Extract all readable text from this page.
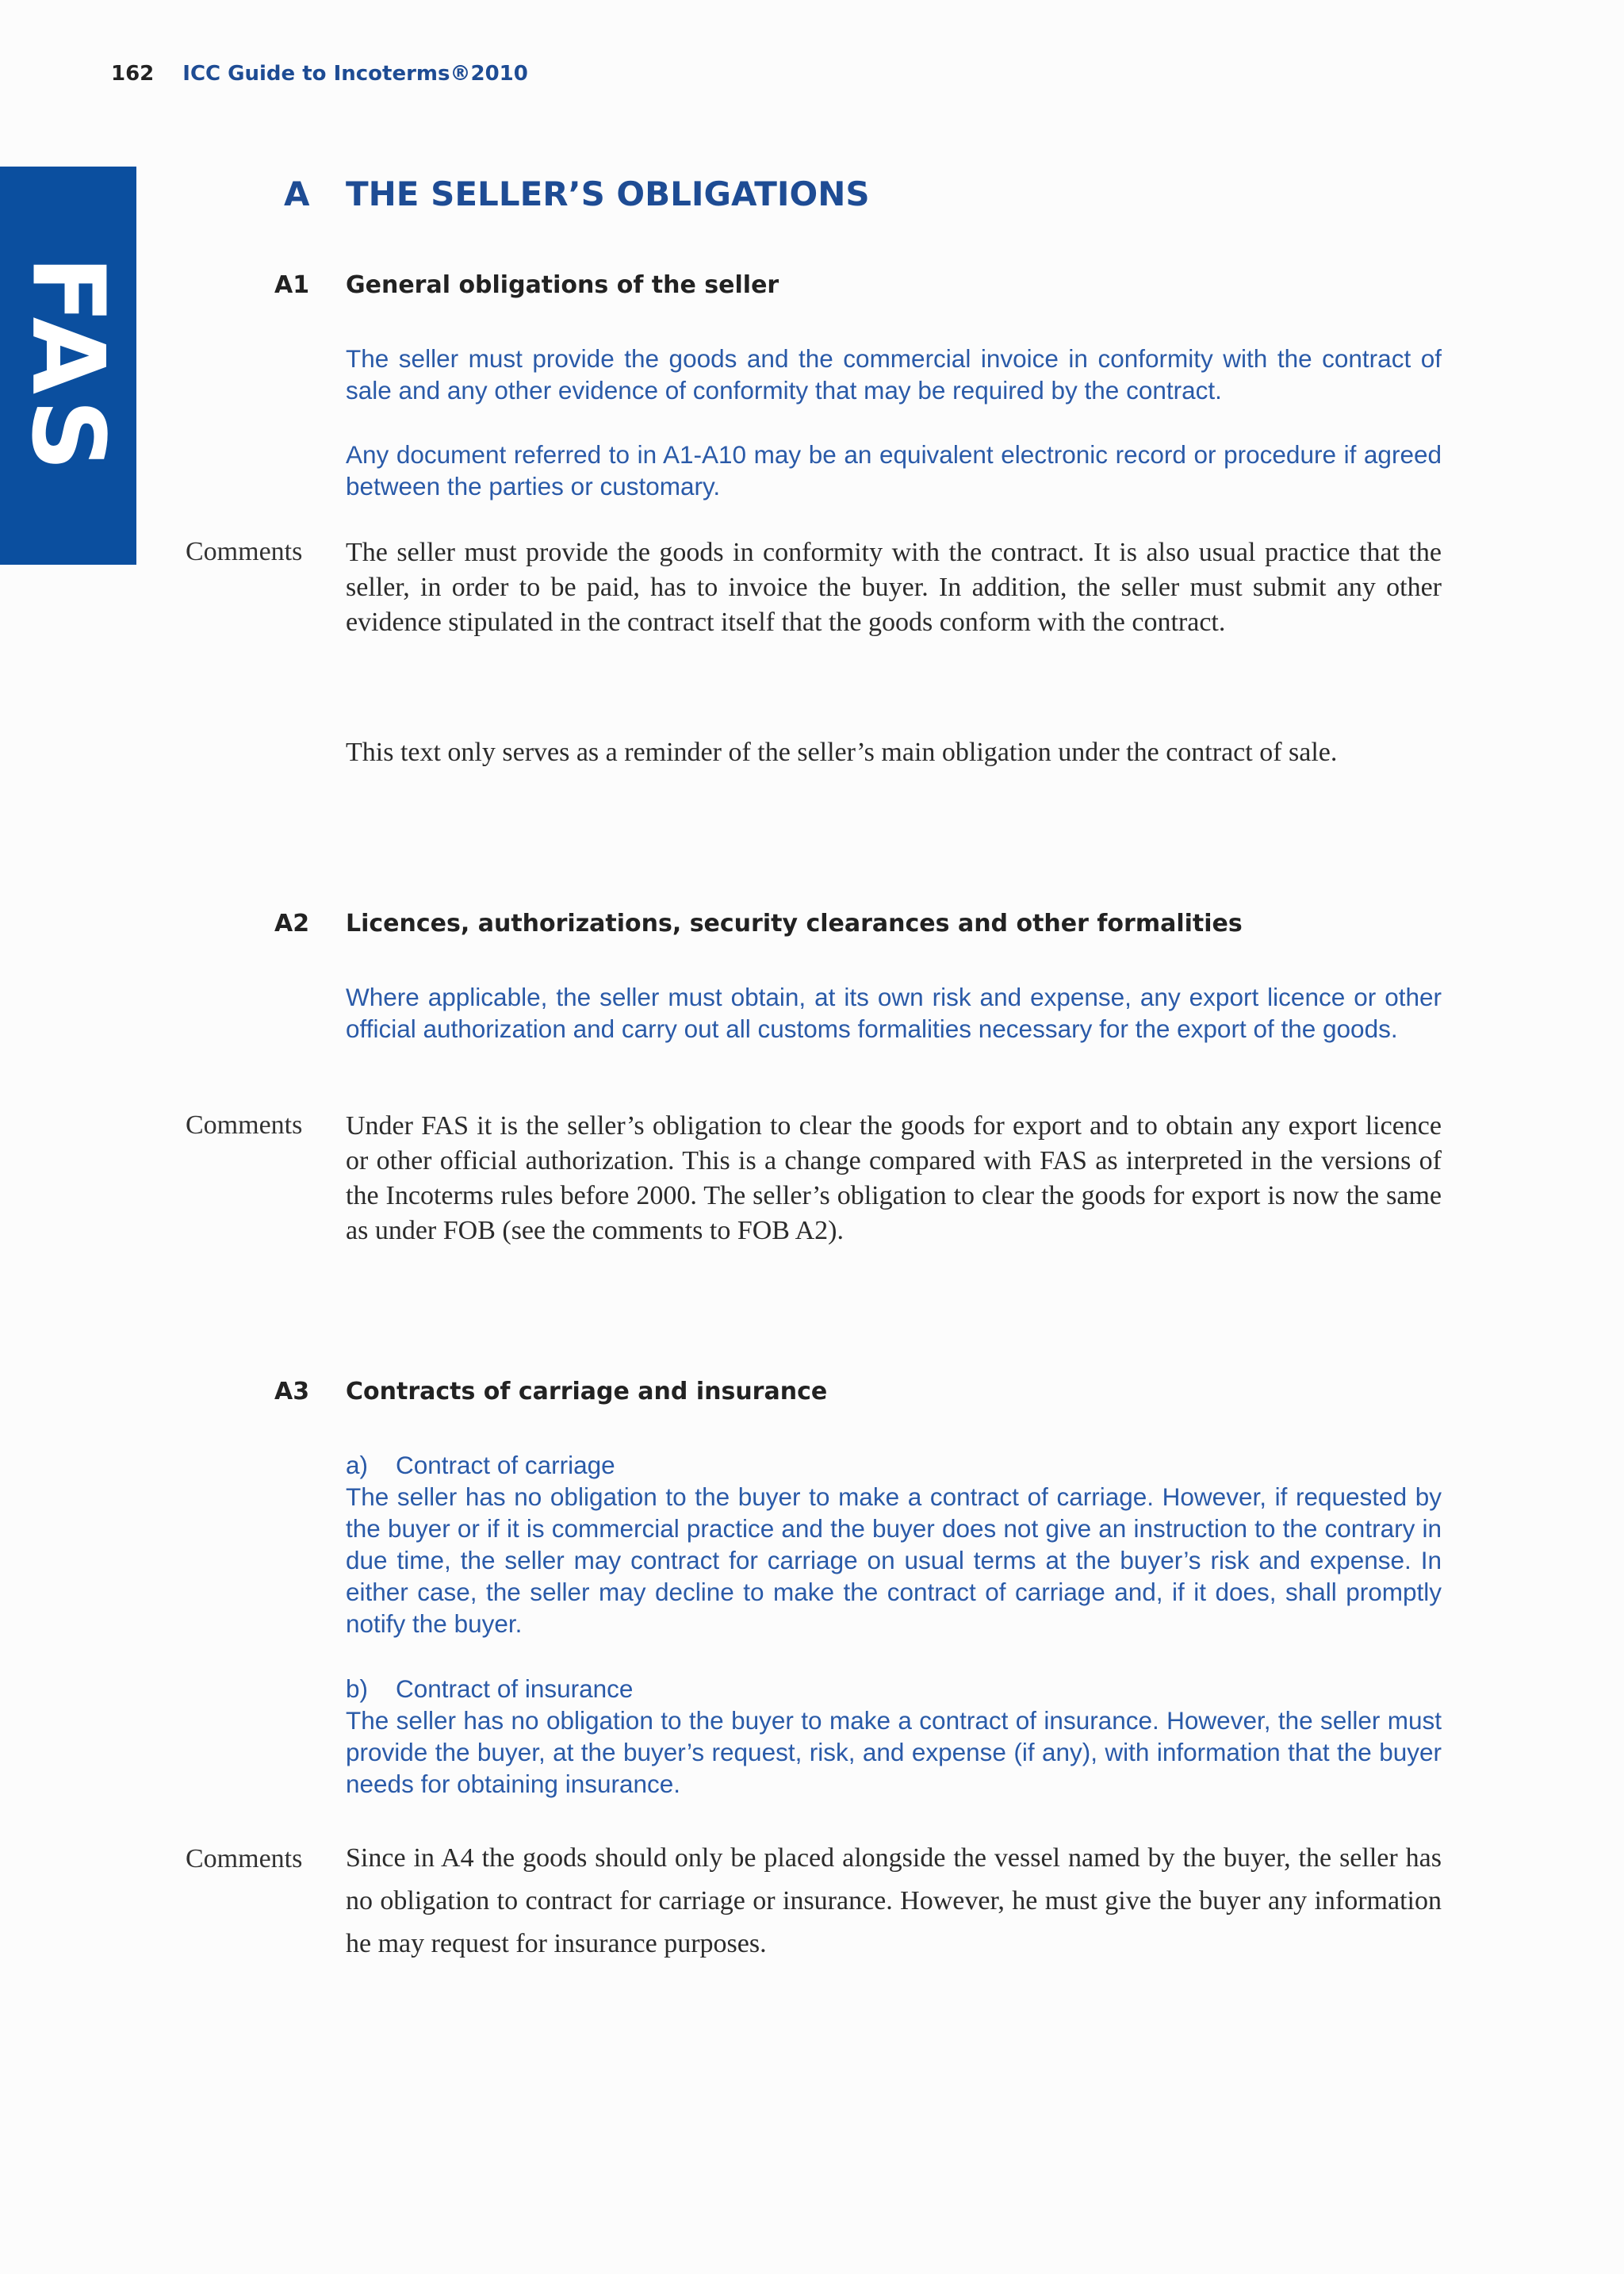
162 ICC Guide to Incoterms®2010
FAS
A THE SELLER’S OBLIGATIONS
A1 General obligations of the seller
The seller must provide the goods and the commercial invoice in conformity with the contract of sale and any other evidence of conformity that may be required by the contract.
Any document referred to in A1-A10 may be an equivalent electronic record or procedure if agreed between the parties or customary.
Comments The seller must provide the goods in conformity with the contract. It is also usual practice that the seller, in order to be paid, has to invoice the buyer. In addition, the seller must submit any other evidence stipulated in the contract itself that the goods conform with the contract.
This text only serves as a reminder of the seller’s main obligation under the contract of sale.
A2 Licences, authorizations, security clearances and other formalities
Where applicable, the seller must obtain, at its own risk and expense, any export licence or other official authorization and carry out all customs formalities necessary for the export of the goods.
Comments Under FAS it is the seller’s obligation to clear the goods for export and to obtain any export licence or other official authorization. This is a change compared with FAS as interpreted in the versions of the Incoterms rules before 2000. The seller’s obligation to clear the goods for export is now the same as under FOB (see the comments to FOB A2).
A3 Contracts of carriage and insurance
a)    Contract of carriage
The seller has no obligation to the buyer to make a contract of carriage. However, if requested by the buyer or if it is commercial practice and the buyer does not give an instruction to the contrary in due time, the seller may contract for carriage on usual terms at the buyer’s risk and expense. In either case, the seller may decline to make the contract of carriage and, if it does, shall promptly notify the buyer.
b)    Contract of insurance
The seller has no obligation to the buyer to make a contract of insurance. However, the seller must provide the buyer, at the buyer’s request, risk, and expense (if any), with information that the buyer needs for obtaining insurance.
Comments Since in A4 the goods should only be placed alongside the vessel named by the buyer, the seller has no obligation to contract for carriage or insurance. However, he must give the buyer any information he may request for insurance purposes.
